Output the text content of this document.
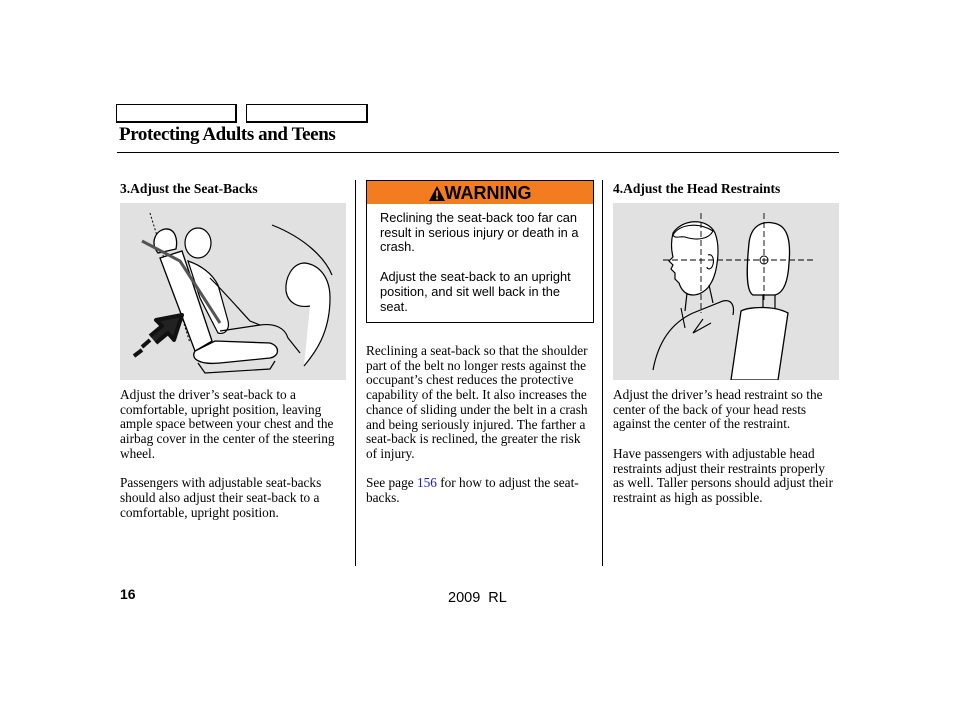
Protecting Adults and Teens
3.Adjust the Seat-Backs

Adjust the driver’s seat-back to a comfortable, upright position, leaving ample space between your chest and the airbag cover in the center of the steering wheel.

Passengers with adjustable seat-backs should also adjust their seat-back to a comfortable, upright position.

WARNING

Reclining the seat-back too far can result in serious injury or death in a crash.

Adjust the seat-back to an upright position, and sit well back in the seat.

Reclining a seat-back so that the shoulder part of the belt no longer rests against the occupant’s chest reduces the protective capability of the belt. It also increases the chance of sliding under the belt in a crash and being seriously injured. The farther a seat-back is reclined, the greater the risk of injury.

See page 156 for how to adjust the seat-backs.

4.Adjust the Head Restraints

Adjust the driver’s head restraint so the center of the back of your head rests against the center of the restraint.

Have passengers with adjustable head restraints adjust their restraints properly as well. Taller persons should adjust their restraint as high as possible.

16	2009 RL
